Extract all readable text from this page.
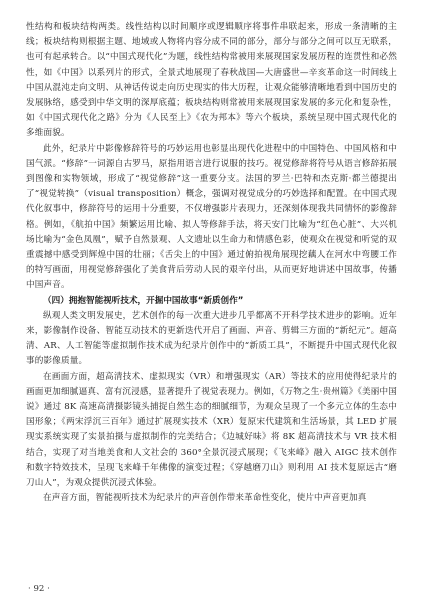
性结构和板块结构两类。线性结构以时间顺序或逻辑顺序将事件串联起来，形成一条清晰的主线；板块结构则根据主题、地域或人物将内容分成不同的部分，部分与部分之间可以互无联系，也可有起承转合。以“中国式现代化”为题，线性结构常被用来展现国家发展历程的连贯性和必然性，如《中国》以系列片的形式，全景式地展现了春秋战国—大唐盛世—辛亥革命这一时间线上中国从混沌走向文明、从神话传说走向历史现实的伟大历程，让观众能够清晰地看到中国历史的发展脉络，感受到中华文明的深厚底蕴；板块结构则常被用来展现国家发展的多元化和复杂性，如《中国式现代化之路》分为《人民至上》《农为邦本》等六个板块，系统呈现中国式现代化的多维面貌。

此外，纪录片中影像修辞符号的巧妙运用也彰显出现代化进程中的中国特色、中国风格和中国气派。“修辞”一词源自古罗马，原指用语言进行说服的技巧。视觉修辞将符号从语言修辞拓展到图像和实物领域，形成了“视觉修辞”这一重要分支。法国的罗兰·巴特和杰克斯·都兰德提出了“视觉转换”（visual transposition）概念，强调对视觉成分的巧妙选择和配置。在中国式现代化叙事中，修辞符号的运用十分重要，不仅增强影片表现力，还深刻体现我共同情怀的影像辞格。例如，《航拍中国》频繁运用比喻、拟人等修辞手法，将天安门比喻为“红色心脏”、大兴机场比喻为“金色凤凰”，赋予自然景观、人文遗址以生命力和情感色彩，使观众在视觉和听觉的双重震撼中感受到辉煌中国的壮丽；《舌尖上的中国》通过俯拍视角展现挖藕人在河水中弯腰工作的特写画面，用视觉修辞强化了美食背后劳动人民的艰辛付出，从而更好地讲述中国故事，传播中国声音。

（四）拥抱智能视听技术，开掘中国故事“新质创作”

纵观人类文明发展史，艺术创作的每一次重大进步几乎都离不开科学技术进步的影响。近年来，影像制作设备、智能互动技术的更新迭代开启了画面、声音、剪辑三方面的“新纪元”。超高清、AR、人工智能等虚拟制作技术成为纪录片创作中的“新质工具”，不断提升中国式现代化叙事的影像质量。

在画面方面，超高清技术、虚拟现实（VR）和增强现实（AR）等技术的应用使得纪录片的画面更加细腻逼真、富有沉浸感，显著提升了视觉表现力。例如，《万物之生·贵州篇》《美丽中国说》通过 8K 高速高清摄影镜头捕捉自然生态的细腻细节，为观众呈现了一个多元立体的生态中国形象；《两宋浮沉三百年》通过扩展现实技术（XR）复原宋代建筑和生活场景，其 LED 扩展现实系统实现了实景拍摄与虚拟制作的完美结合；《边城好味》将 8K 超高清技术与 VR 技术相结合，实现了对当地美食和人文社会的 360°全景沉浸式展现；《飞来峰》融入 AIGC 技术创作和数字特效技术，呈现飞来峰千年佛像的演变过程；《穿越磨刀山》则利用 AI 技术复原远古“磨刀山人”，为观众提供沉浸式体验。

在声音方面，智能视听技术为纪录片的声音创作带来革命性变化，使片中声音更加真

· 92 ·
